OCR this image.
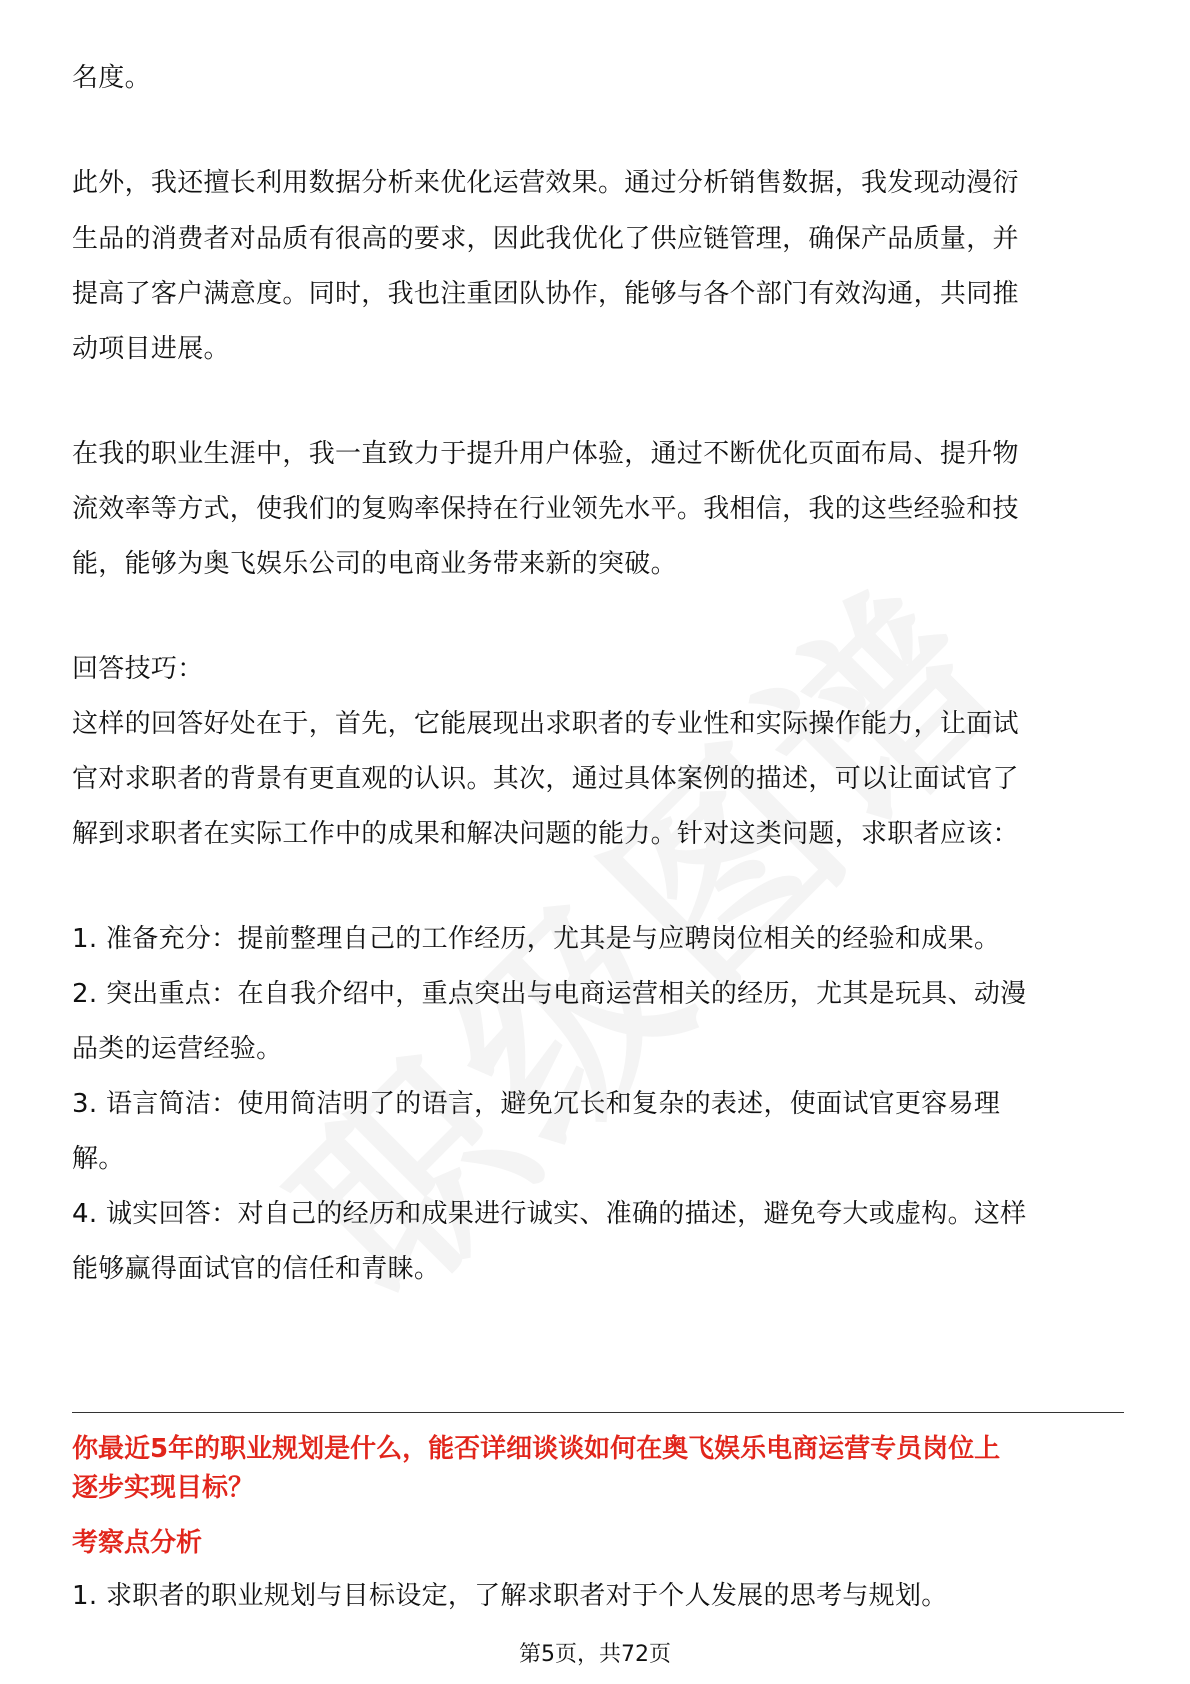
名度。
此外，我还擅长利用数据分析来优化运营效果。通过分析销售数据，我发现动漫衍
生品的消费者对品质有很高的要求，因此我优化了供应链管理，确保产品质量，并
提高了客户满意度。同时，我也注重团队协作，能够与各个部门有效沟通，共同推
动项目进展。
在我的职业生涯中，我一直致力于提升用户体验，通过不断优化页面布局、提升物
流效率等方式，使我们的复购率保持在行业领先水平。我相信，我的这些经验和技
能，能够为奥飞娱乐公司的电商业务带来新的突破。
回答技巧：
这样的回答好处在于，首先，它能展现出求职者的专业性和实际操作能力，让面试
官对求职者的背景有更直观的认识。其次，通过具体案例的描述，可以让面试官了
解到求职者在实际工作中的成果和解决问题的能力。针对这类问题，求职者应该：
1. 准备充分：提前整理自己的工作经历，尤其是与应聘岗位相关的经验和成果。
2. 突出重点：在自我介绍中，重点突出与电商运营相关的经历，尤其是玩具、动漫
品类的运营经验。
3. 语言简洁：使用简洁明了的语言，避免冗长和复杂的表述，使面试官更容易理
解。
4. 诚实回答：对自己的经历和成果进行诚实、准确的描述，避免夸大或虚构。这样
能够赢得面试官的信任和青睐。
你最近5年的职业规划是什么，能否详细谈谈如何在奥飞娱乐电商运营专员岗位上
逐步实现目标？
考察点分析
1. 求职者的职业规划与目标设定，了解求职者对于个人发展的思考与规划。
第5页，共72页
